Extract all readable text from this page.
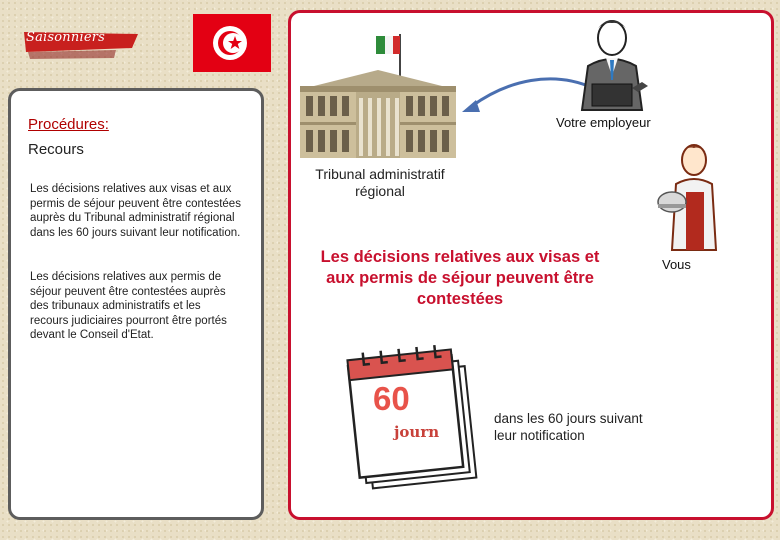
Saisonniers
Procédures:
Recours
Les décisions relatives aux visas et aux permis de séjour peuvent être contestées auprès du Tribunal administratif régional dans les 60 jours suivant leur notification.
Les décisions relatives aux permis de séjour peuvent être contestées auprès des tribunaux administratifs et les recours judiciaires pourront être portés devant le Conseil d'Etat.
Tribunal administratif régional
Votre employeur
Vous
Les décisions relatives aux visas et aux permis de séjour peuvent être contestées
60
journ
dans les 60 jours suivant leur notification
